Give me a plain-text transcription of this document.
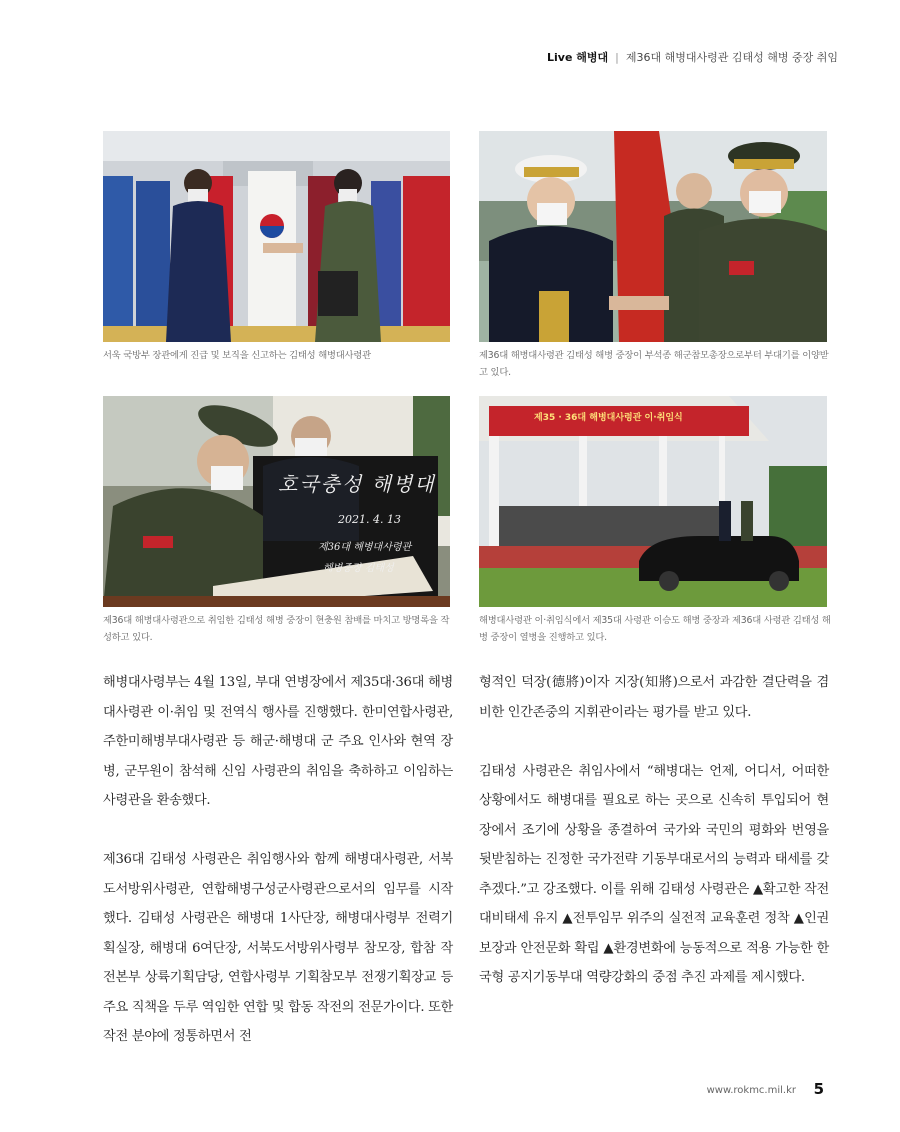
Live 해병대 | 제36대 해병대사령관 김태성 해병 중장 취임
서욱 국방부 장관에게 진급 및 보직을 신고하는 김태성 해병대사령관	제36대 해병대사령관 김태성 해병 중장이 부석종 해군참모총장으로부터 부대기를 이양받고 있다.
호국충성 해병대
2021. 4. 13
제36대 해병대사령관
해병중장 김태성
제36대 해병대사령관으로 취임한 김태성 해병 중장이 현충원 참배를 마치고 방명록을 작성하고 있다.
제35 · 36대 해병대사령관 이·취임식
해병대사령관 이·취임식에서 제35대 사령관 이승도 해병 중장과 제36대 사령관 김태성 해병 중장이 열병을 진행하고 있다.

해병대사령부는 4월 13일, 부대 연병장에서 제35대·36대 해병대사령관 이·취임 및 전역식 행사를 진행했다. 한미연합사령관, 주한미해병부대사령관 등 해군·해병대 군 주요 인사와 현역 장병, 군무원이 참석해 신임 사령관의 취임을 축하하고 이임하는 사령관을 환송했다.

제36대 김태성 사령관은 취임행사와 함께 해병대사령관, 서북도서방위사령관, 연합해병구성군사령관으로서의 임무를 시작했다. 김태성 사령관은 해병대 1사단장, 해병대사령부 전력기획실장, 해병대 6여단장, 서북도서방위사령부 참모장, 합참 작전본부 상륙기획담당, 연합사령부 기획참모부 전쟁기획장교 등 주요 직책을 두루 역임한 연합 및 합동 작전의 전문가이다. 또한 작전 분야에 정통하면서 전

형적인 덕장(德將)이자 지장(知將)으로서 과감한 결단력을 겸비한 인간존중의 지휘관이라는 평가를 받고 있다.

김태성 사령관은 취임사에서 “해병대는 언제, 어디서, 어떠한 상황에서도 해병대를 필요로 하는 곳으로 신속히 투입되어 현장에서 조기에 상황을 종결하여 국가와 국민의 평화와 번영을 뒷받침하는 진정한 국가전략 기동부대로서의 능력과 태세를 갖추겠다.”고 강조했다. 이를 위해 김태성 사령관은 ▲확고한 작전대비태세 유지 ▲전투임무 위주의 실전적 교육훈련 정착 ▲인권보장과 안전문화 확립 ▲환경변화에 능동적으로 적용 가능한 한국형 공지기동부대 역량강화의 중점 추진 과제를 제시했다.

www.rokmc.mil.kr 5
